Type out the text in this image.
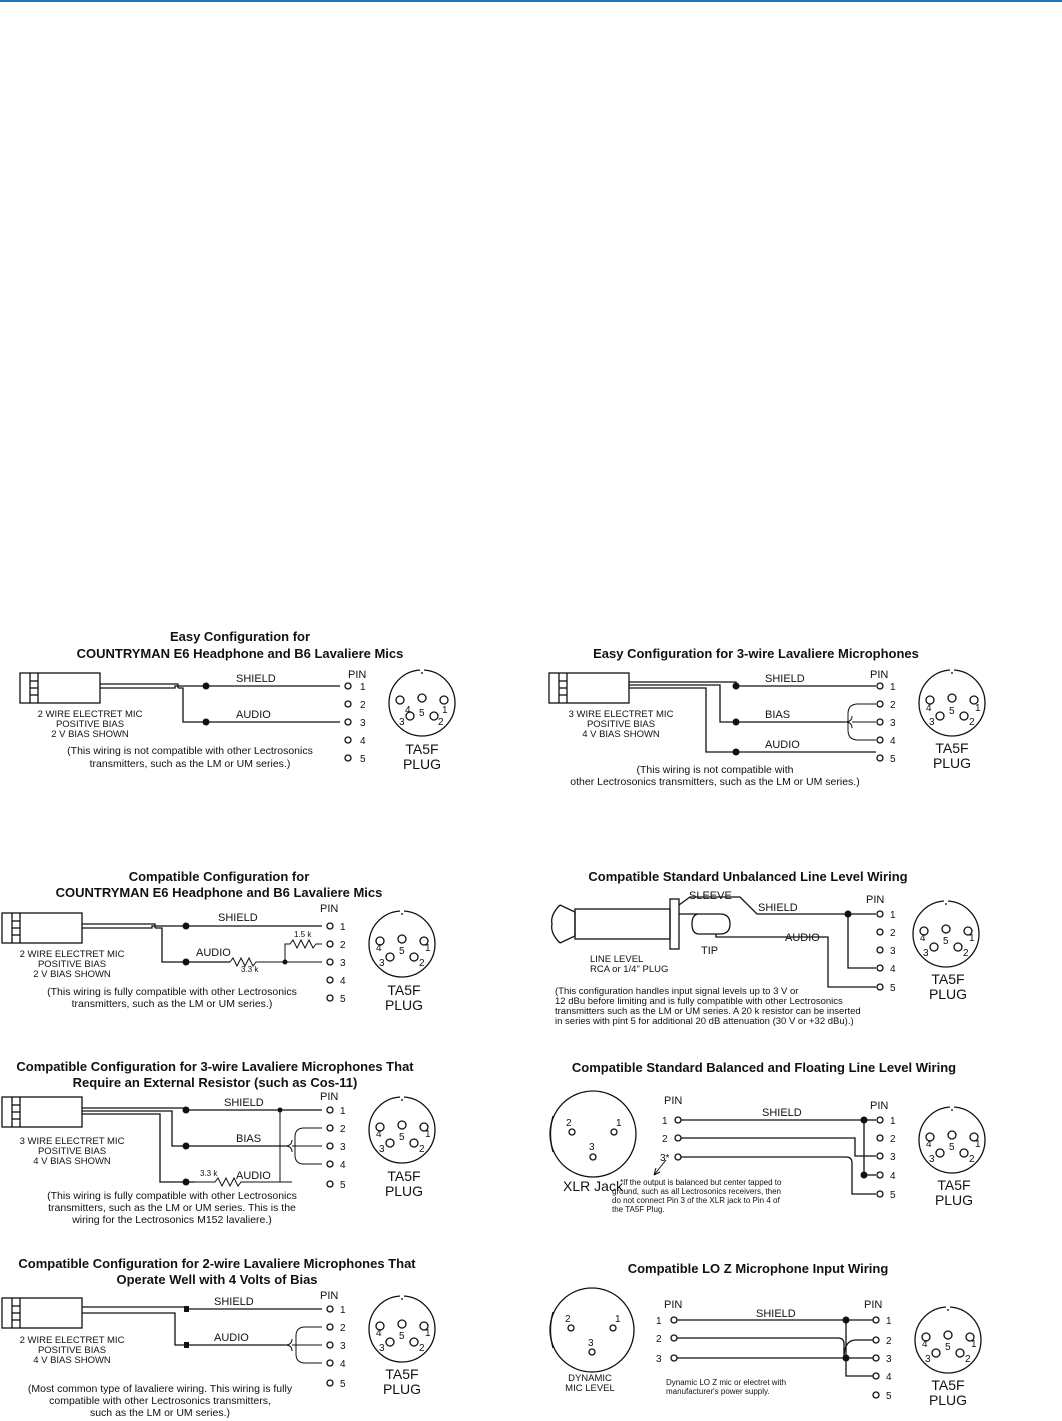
Easy Configuration for
COUNTRYMAN E6 Headphone and B6 Lavaliere Mics
SHIELD
AUDIO
2 WIRE ELECTRET MIC
POSITIVE BIAS
2 V BIAS SHOWN
(This wiring is not compatible with other Lectrosonics
transmitters, such as the LM or UM series.)
PIN
1
2
3
4
5
4 5 1
3	2
TA5F
PLUG
Easy Configuration for 3-wire Lavaliere Microphones
SHIELD
BIAS
AUDIO
3 WIRE ELECTRET MIC
POSITIVE BIAS
4 V BIAS SHOWN
(This wiring is not compatible with
other Lectrosonics transmitters, such as the LM or UM series.)
PIN
1
2
3
4
5
4 5 1
3	2
TA5F
PLUG
Compatible Configuration for
COUNTRYMAN E6 Headphone and B6 Lavaliere Mics
SHIELD
AUDIO
1.5 k
3.3 k
2 WIRE ELECTRET MIC
POSITIVE BIAS
2 V BIAS SHOWN
(This wiring is fully compatible with other Lectrosonics
transmitters, such as the LM or UM series.)
PIN
1
2
3
4
5
4 5 1
3	2
TA5F
PLUG
Compatible Standard Unbalanced Line Level Wiring
SLEEVE
SHIELD
AUDIO
TIP
LINE LEVEL
RCA or 1/4" PLUG
(This configuration handles input signal levels up to 3 V or
12 dBu before limiting and is fully compatible with other Lectrosonics
transmitters such as the LM or UM series. A 20 k resistor can be inserted
in series with pint 5 for additional 20 dB attenuation (30 V or +32 dBu).)
PIN
1
2
3
4
5
4 5 1
3	2
TA5F
PLUG
Compatible Configuration for 3-wire Lavaliere Microphones That
Require an External Resistor (such as Cos-11)
SHIELD
BIAS
AUDIO
3.3 k
3 WIRE ELECTRET MIC
POSITIVE BIAS
4 V BIAS SHOWN
(This wiring is fully compatible with other Lectrosonics
transmitters, such as the LM or UM series. This is the
wiring for the Lectrosonics M152 lavaliere.)
PIN
1
2
3
4
5
4 5 1
3	2
TA5F
PLUG
Compatible Standard Balanced and Floating Line Level Wiring
2	1
3
XLR Jack
PIN
1
2
3*
SHIELD
*If the output is balanced but center tapped to
ground, such as all Lectrosonics receivers, then
do not connect Pin 3 of the XLR jack to Pin 4 of
the TA5F Plug.
PIN
1
2
3
4
5
4 5 1
3	2
TA5F
PLUG
Compatible Configuration for 2-wire Lavaliere Microphones That
Operate Well with 4 Volts of Bias
SHIELD
AUDIO
2 WIRE ELECTRET MIC
POSITIVE BIAS
4 V BIAS SHOWN
(Most common type of lavaliere wiring. This wiring is fully
compatible with other Lectrosonics transmitters,
such as the LM or UM series.)
PIN
1
2
3
4
5
4 5 1
3	2
TA5F
PLUG
Compatible LO Z Microphone Input Wiring
2	1
3
DYNAMIC
MIC LEVEL
PIN
1
2
3
SHIELD
Dynamic LO Z mic or electret with
manufacturer's power supply.
PIN
1
2
3
4
5
4 5 1
3	2
TA5F
PLUG
